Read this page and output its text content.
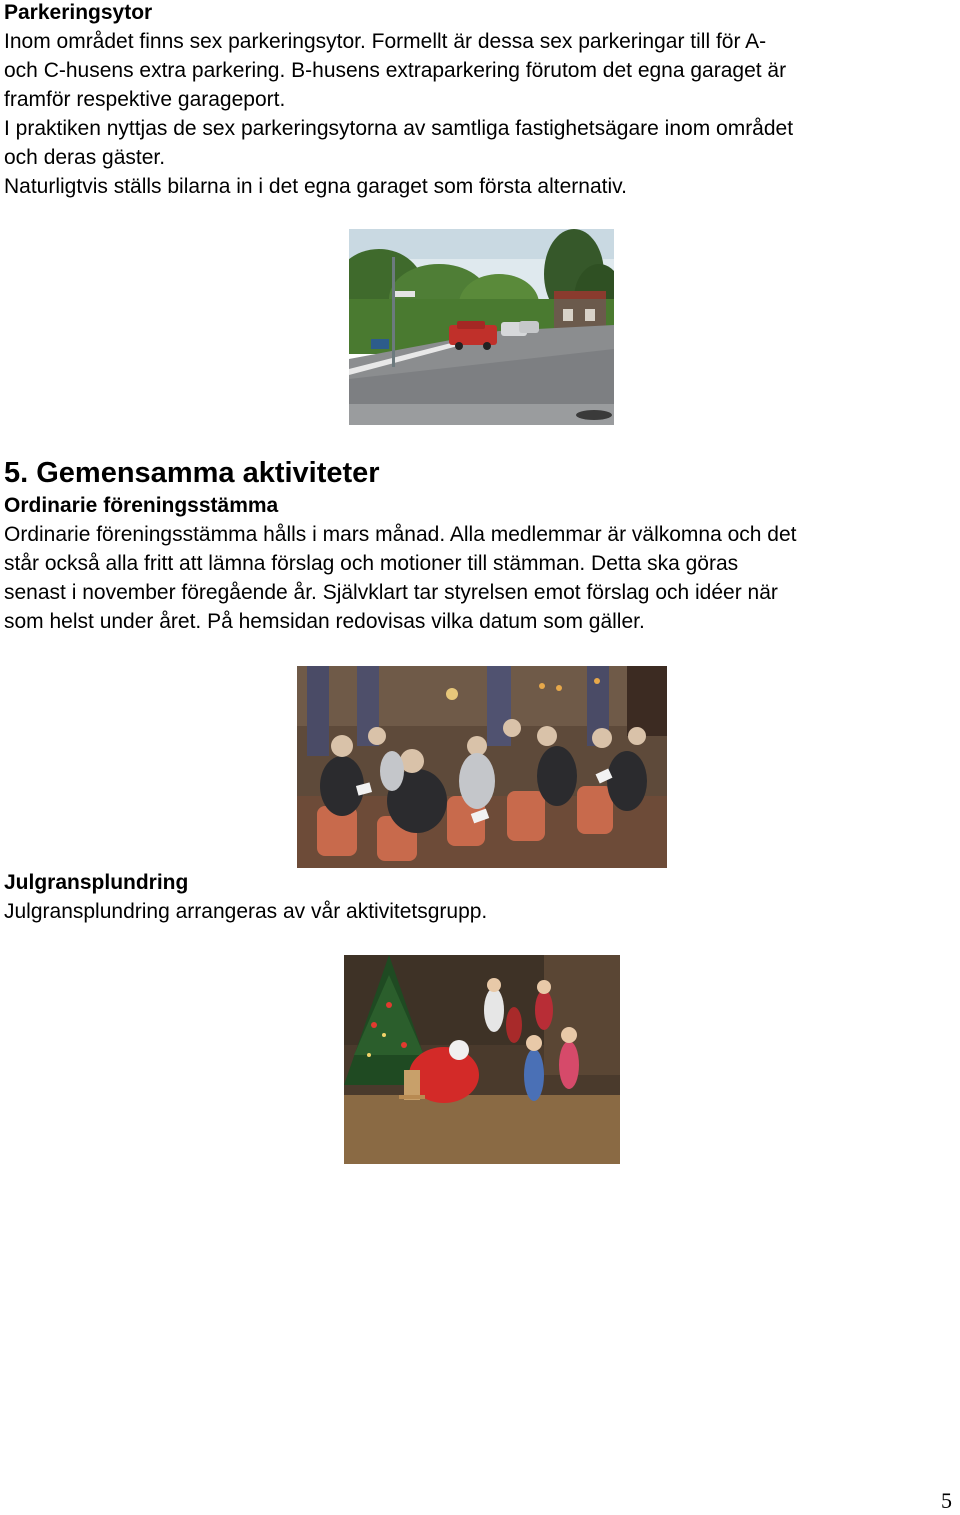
Parkeringsytor

Inom området finns sex parkeringsytor. Formellt är dessa sex parkeringar till för A-

och C-husens extra parkering. B-husens extraparkering förutom det egna garaget är

framför respektive garageport.

I praktiken nyttjas de sex parkeringsytorna av samtliga fastighetsägare inom området

och deras gäster.

Naturligtvis ställs bilarna in i det egna garaget som första alternativ.

5. Gemensamma aktiviteter

Ordinarie föreningsstämma

Ordinarie föreningsstämma hålls i mars månad. Alla medlemmar är välkomna och det

står också alla fritt att lämna förslag och motioner till stämman. Detta ska göras

senast i november föregående år. Självklart tar styrelsen emot förslag och idéer när

som helst under året. På hemsidan redovisas vilka datum som gäller.

Julgransplundring

Julgransplundring arrangeras av vår aktivitetsgrupp.

5
